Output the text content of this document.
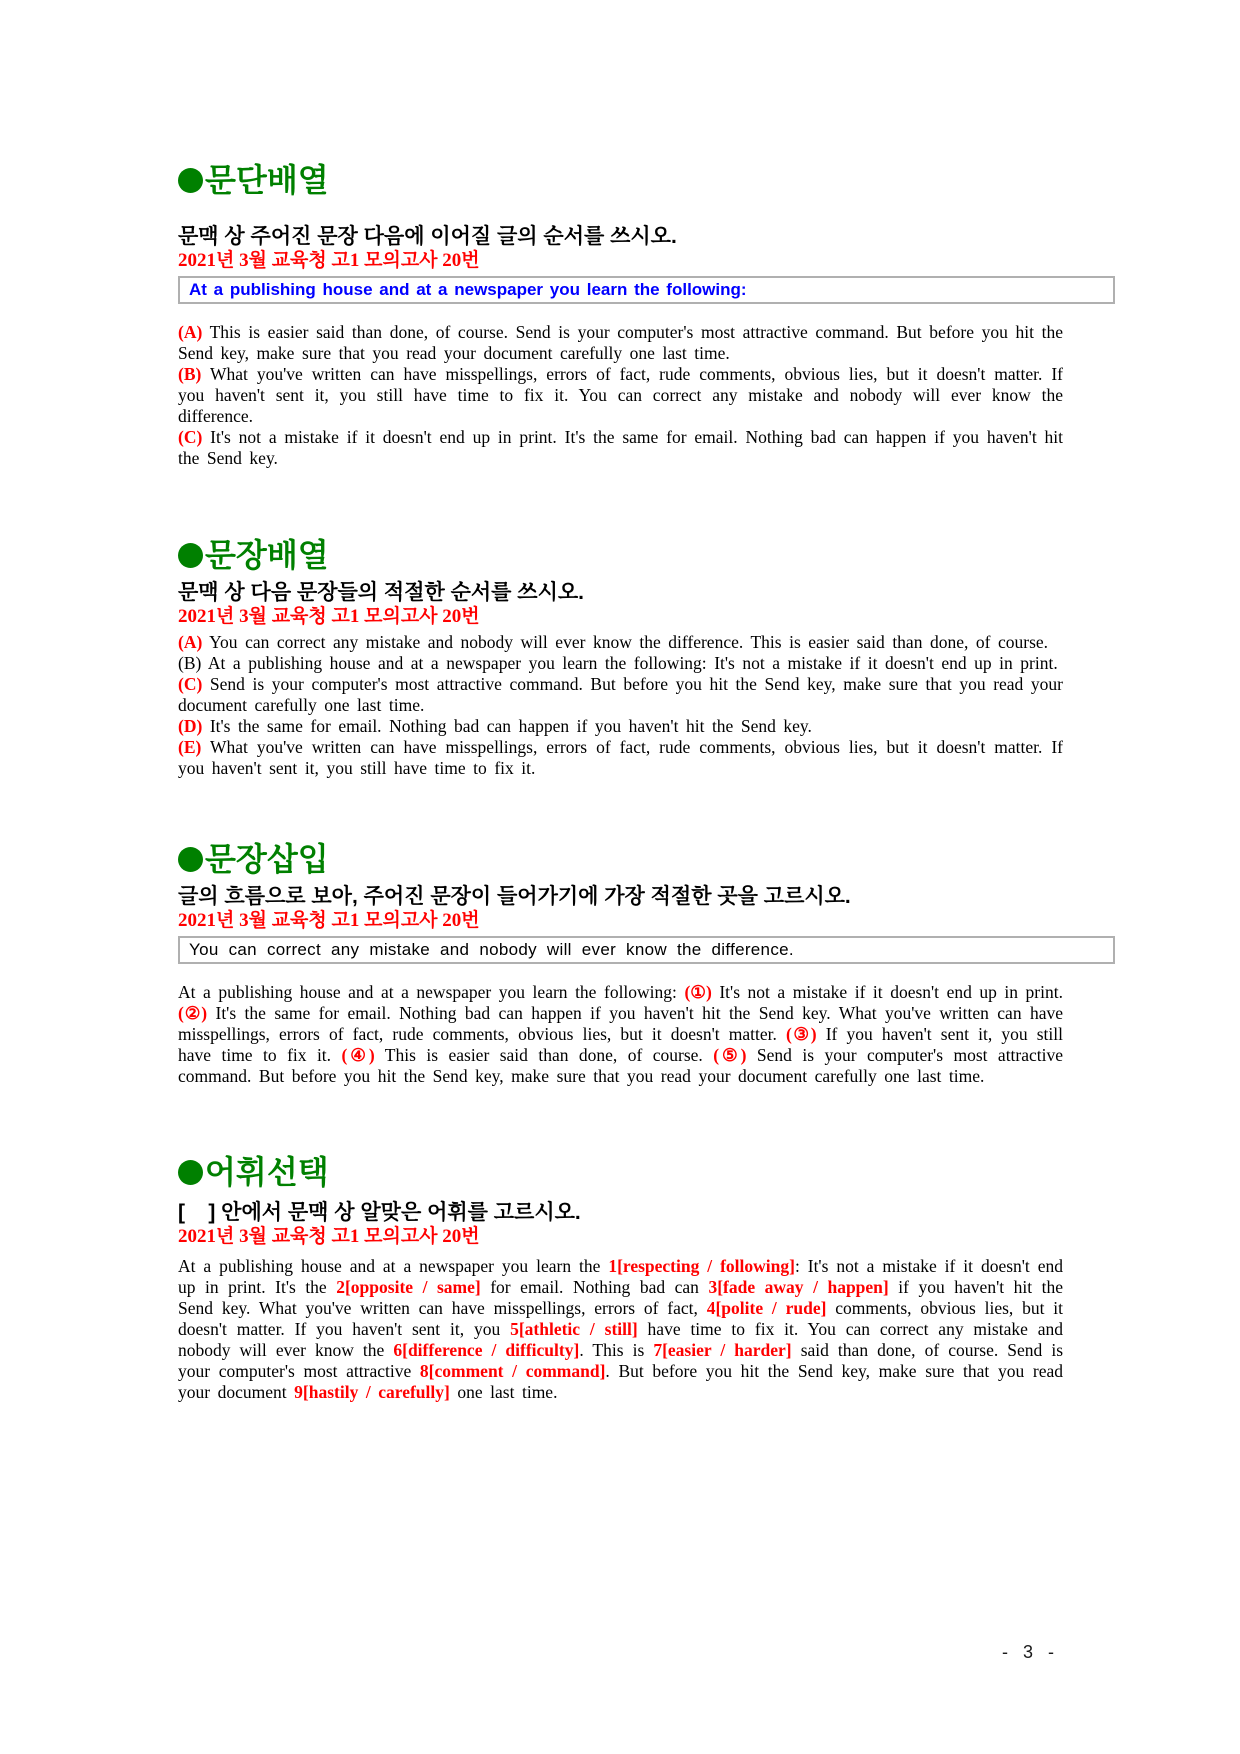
문단배열
문맥 상 주어진 문장 다음에 이어질 글의 순서를 쓰시오.
2021년 3월 교육청 고1 모의고사 20번
At a publishing house and at a newspaper you learn the following:

(A) This is easier said than done, of course. Send is your computer's most attractive command. But before you hit the Send key, make sure that you read your document carefully one last time.

(B) What you've written can have misspellings, errors of fact, rude comments, obvious lies, but it doesn't matter. If you haven't sent it, you still have time to fix it. You can correct any mistake and nobody will ever know the difference.

(C) It's not a mistake if it doesn't end up in print. It's the same for email. Nothing bad can happen if you haven't hit the Send key.

문장배열
문맥 상 다음 문장들의 적절한 순서를 쓰시오.
2021년 3월 교육청 고1 모의고사 20번

(A) You can correct any mistake and nobody will ever know the difference. This is easier said than done, of course.

(B) At a publishing house and at a newspaper you learn the following: It's not a mistake if it doesn't end up in print.

(C) Send is your computer's most attractive command. But before you hit the Send key, make sure that you read your document carefully one last time.

(D) It's the same for email. Nothing bad can happen if you haven't hit the Send key.

(E) What you've written can have misspellings, errors of fact, rude comments, obvious lies, but it doesn't matter. If you haven't sent it, you still have time to fix it.

문장삽입
글의 흐름으로 보아, 주어진 문장이 들어가기에 가장 적절한 곳을 고르시오.
2021년 3월 교육청 고1 모의고사 20번
You can correct any mistake and nobody will ever know the difference.

At a publishing house and at a newspaper you learn the following: (①) It's not a mistake if it doesn't end up in print. (②) It's the same for email. Nothing bad can happen if you haven't hit the Send key. What you've written can have misspellings, errors of fact, rude comments, obvious lies, but it doesn't matter. (③) If you haven't sent it, you still have time to fix it. (④) This is easier said than done, of course. (⑤) Send is your computer's most attractive command. But before you hit the Send key, make sure that you read your document carefully one last time.

어휘선택
[    ] 안에서 문맥 상 알맞은 어휘를 고르시오.
2021년 3월 교육청 고1 모의고사 20번

At a publishing house and at a newspaper you learn the 1[respecting / following]: It's not a mistake if it doesn't end up in print. It's the 2[opposite / same] for email. Nothing bad can 3[fade away / happen] if you haven't hit the Send key. What you've written can have misspellings, errors of fact, 4[polite / rude] comments, obvious lies, but it doesn't matter. If you haven't sent it, you 5[athletic / still] have time to fix it. You can correct any mistake and nobody will ever know the 6[difference / difficulty]. This is 7[easier / harder] said than done, of course. Send is your computer's most attractive 8[comment / command]. But before you hit the Send key, make sure that you read your document 9[hastily / carefully] one last time.

- 3 -
